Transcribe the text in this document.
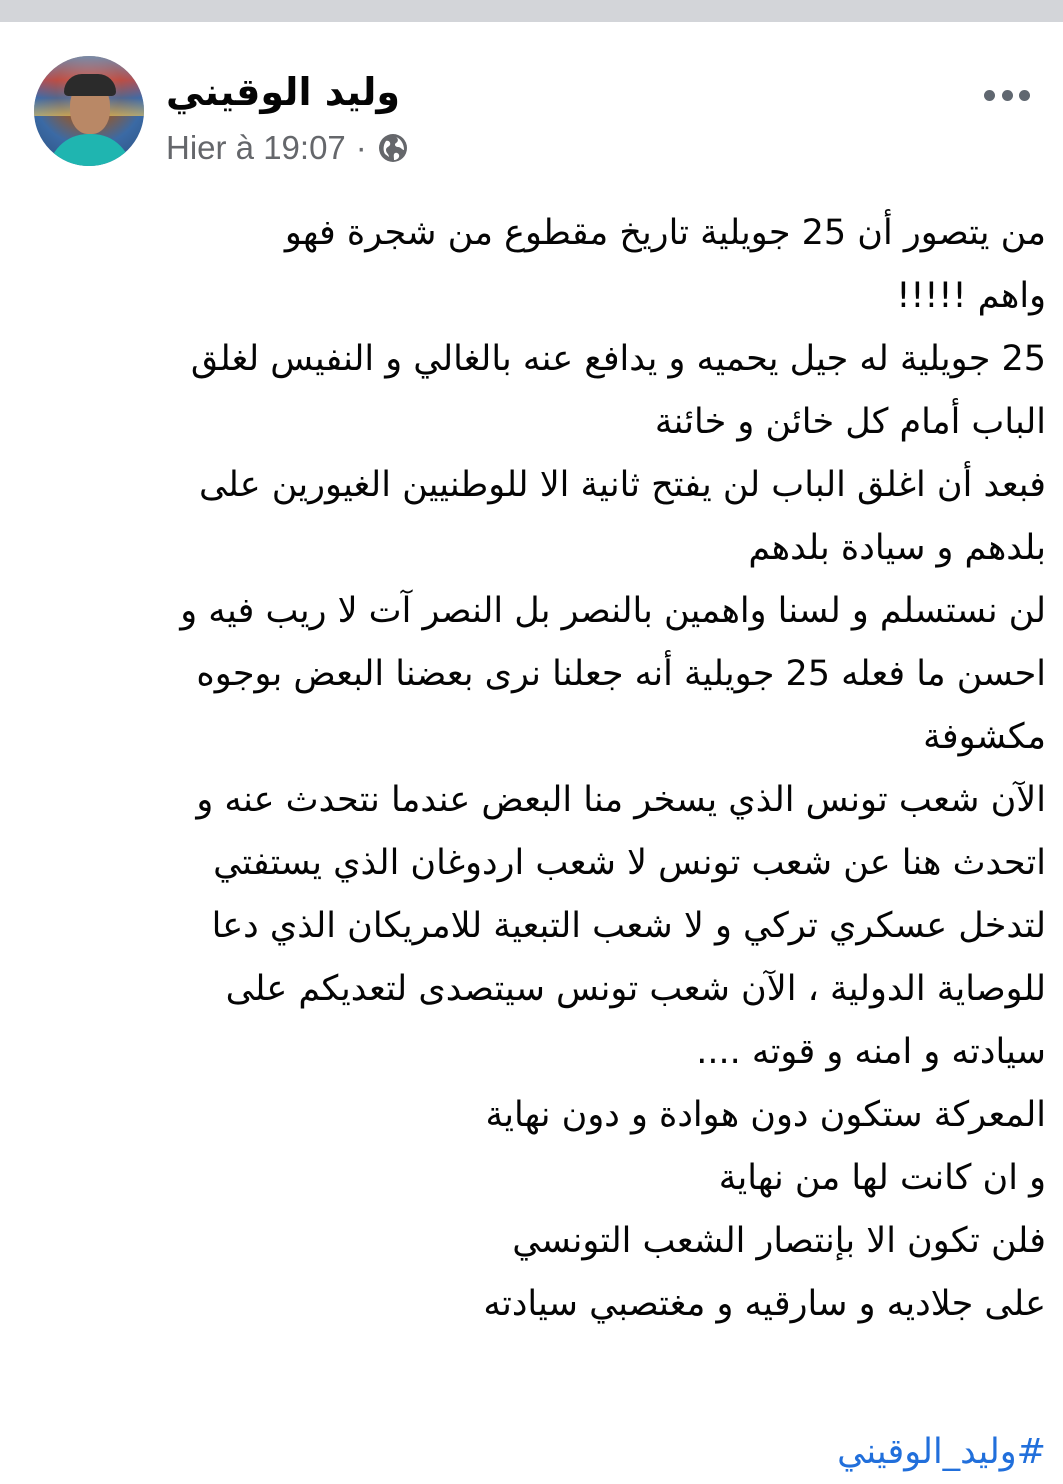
وليد الوقيني
Hier à 19:07 ·
من يتصور أن 25 جويلية تاريخ مقطوع من شجرة فهو
واهم !!!!!
25 جويلية له جيل يحميه و يدافع عنه بالغالي و النفيس لغلق
الباب أمام كل خائن و خائنة
فبعد أن اغلق الباب لن يفتح ثانية الا للوطنيين الغيورين على
بلدهم و سيادة بلدهم
لن نستسلم و لسنا واهمين بالنصر بل النصر آت لا ريب فيه و
احسن ما فعله 25 جويلية أنه جعلنا نرى بعضنا البعض بوجوه
مكشوفة
الآن شعب تونس الذي يسخر منا البعض عندما نتحدث عنه و
اتحدث هنا عن شعب تونس لا شعب اردوغان الذي يستفتي
لتدخل عسكري تركي و لا شعب التبعية للامريكان الذي دعا
للوصاية الدولية ، الآن شعب تونس سيتصدى لتعديكم على
سيادته و امنه و قوته ....
المعركة ستكون دون هوادة و دون نهاية
و ان كانت لها من نهاية
فلن تكون الا بإنتصار الشعب التونسي
على جلاديه و سارقيه و مغتصبي سيادته
#وليد_الوقيني
